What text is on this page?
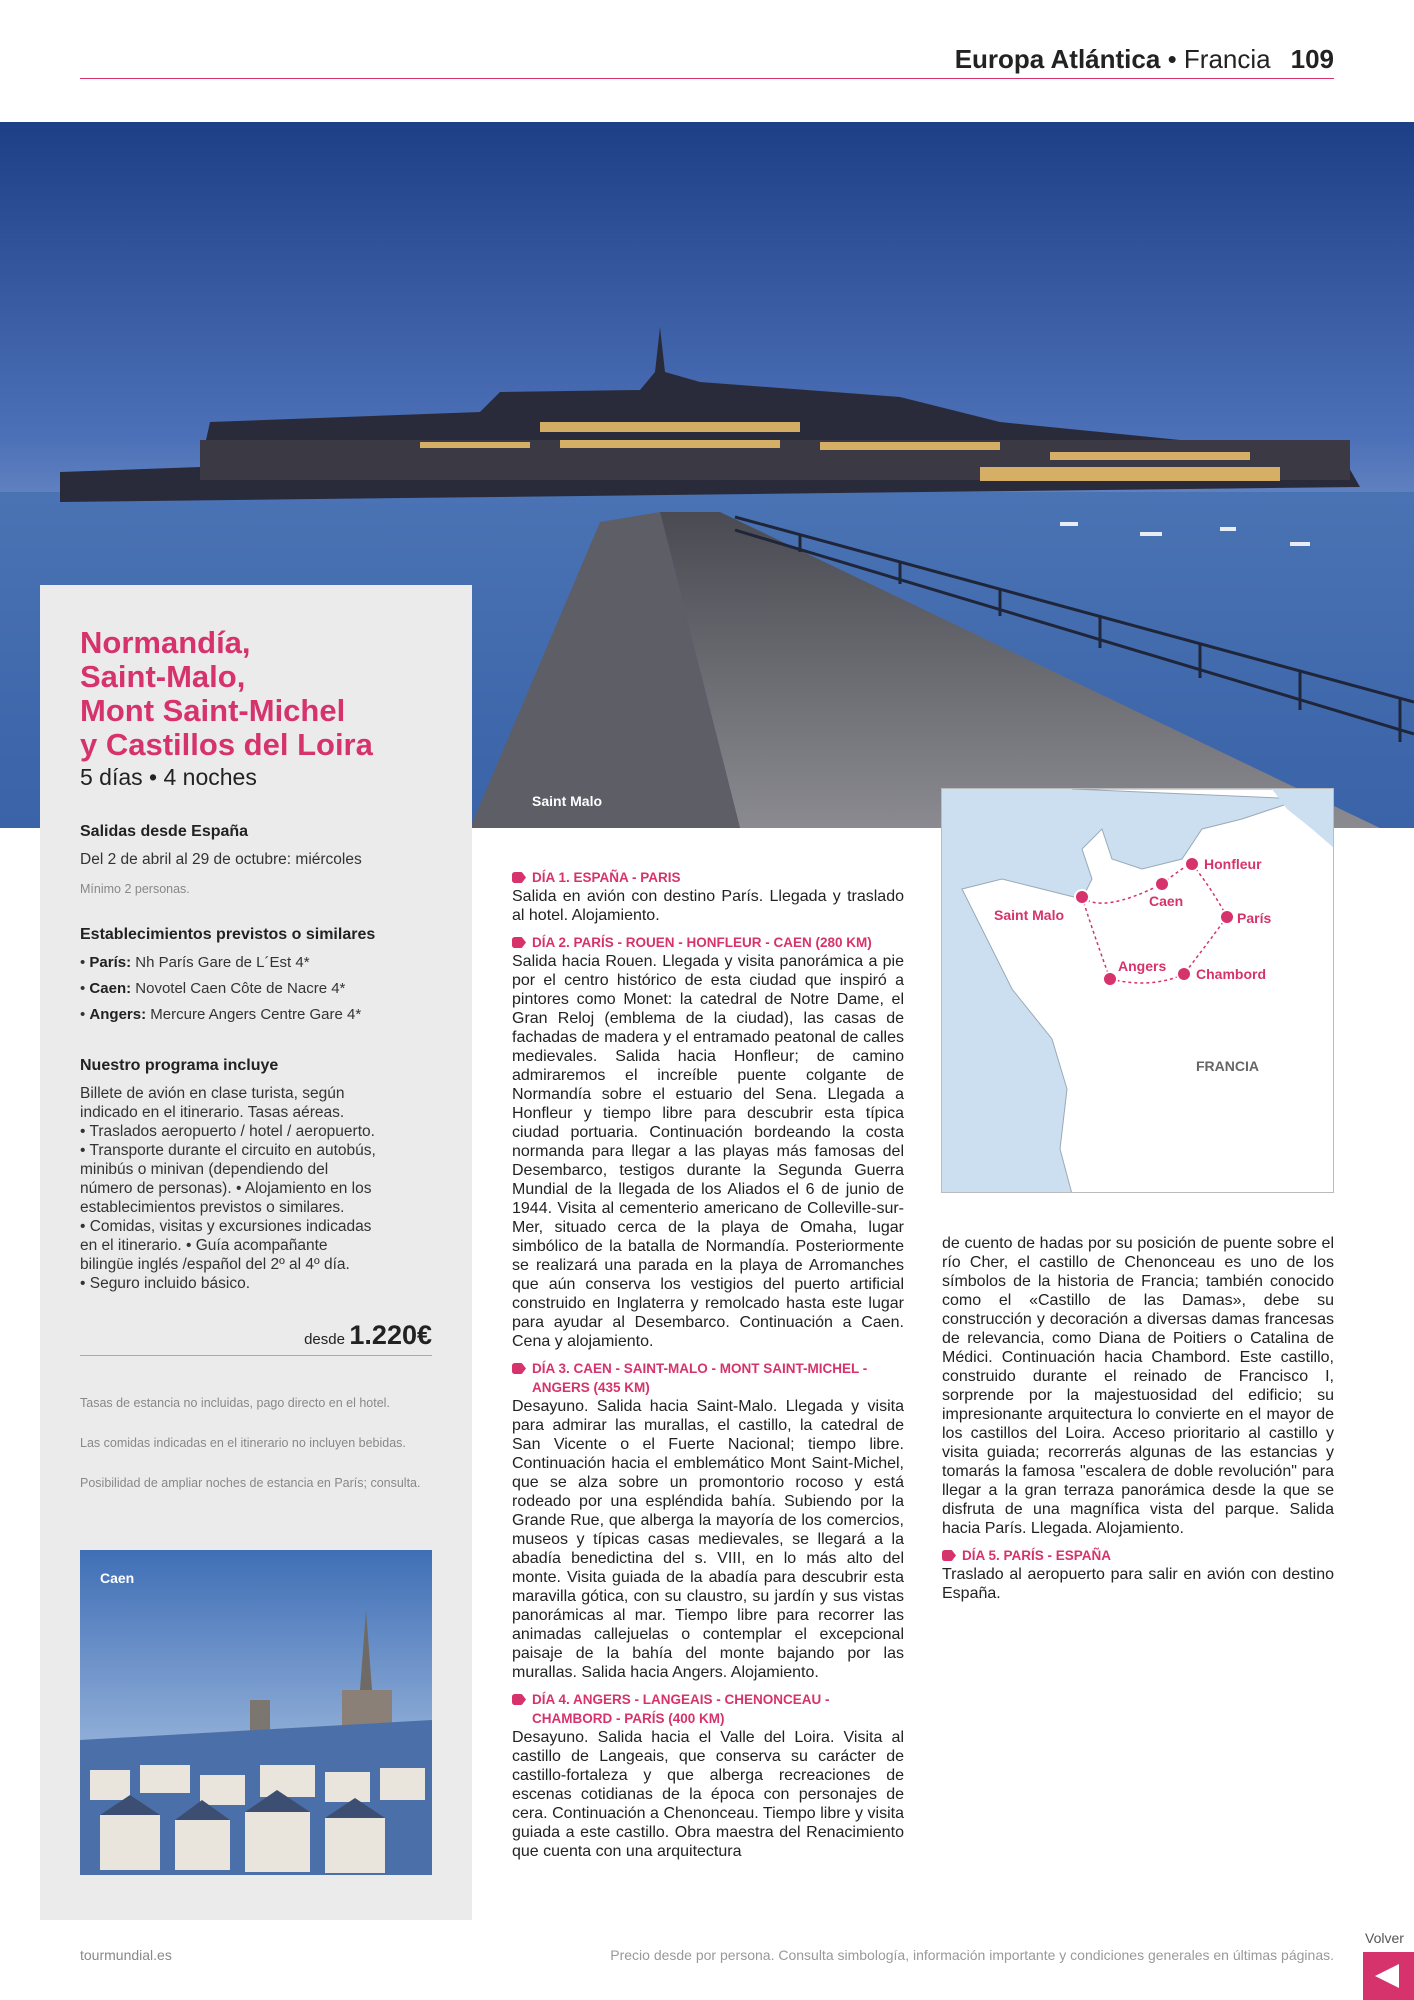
Europa Atlántica • Francia 109
Saint Malo
Normandía,
Saint-Malo,
Mont Saint-Michel
y Castillos del Loira
5 días • 4 noches
Salidas desde España
Del 2 de abril al 29 de octubre: miércoles
Mínimo 2 personas.
Establecimientos previstos o similares
• París: Nh París Gare de L´Est 4*
• Caen: Novotel Caen Côte de Nacre 4*
• Angers: Mercure Angers Centre Gare 4*
Nuestro programa incluye
Billete de avión en clase turista, según
indicado en el itinerario. Tasas aéreas.
• Traslados aeropuerto / hotel / aeropuerto.
• Transporte durante el circuito en autobús,
minibús o minivan (dependiendo del
número de personas). • Alojamiento en los
establecimientos previstos o similares.
• Comidas, visitas y excursiones indicadas
en el itinerario. • Guía acompañante
bilingüe inglés /español del 2º al 4º día.
• Seguro incluido básico.
desde 1.220€
Tasas de estancia no incluidas, pago directo en el hotel.
Las comidas indicadas en el itinerario no incluyen bebidas.
Posibilidad de ampliar noches de estancia en París; consulta.
Caen
DÍA 1. ESPAÑA - PARIS
Salida en avión con destino París. Llegada y traslado al hotel. Alojamiento.
DÍA 2. PARÍS - ROUEN - HONFLEUR - CAEN (280 KM)
Salida hacia Rouen. Llegada y visita panorámica a pie por el centro histórico de esta ciudad que inspiró a pintores como Monet: la catedral de Notre Dame, el Gran Reloj (emblema de la ciudad), las casas de fachadas de madera y el entramado peatonal de calles medievales. Salida hacia Honfleur; de camino admiraremos el increíble puente colgante de Normandía sobre el estuario del Sena. Llegada a Honfleur y tiempo libre para descubrir esta típica ciudad portuaria. Continuación bordeando la costa normanda para llegar a las playas más famosas del Desembarco, testigos durante la Segunda Guerra Mundial de la llegada de los Aliados el 6 de junio de 1944. Visita al cementerio americano de Colleville-sur-Mer, situado cerca de la playa de Omaha, lugar simbólico de la batalla de Normandía. Posteriormente se realizará una parada en la playa de Arromanches que aún conserva los vestigios del puerto artificial construido en Inglaterra y remolcado hasta este lugar para ayudar al Desembarco. Continuación a Caen. Cena y alojamiento.
DÍA 3. CAEN - SAINT-MALO - MONT SAINT-MICHEL - ANGERS (435 KM)
Desayuno. Salida hacia Saint-Malo. Llegada y visita para admirar las murallas, el castillo, la catedral de San Vicente o el Fuerte Nacional; tiempo libre. Continuación hacia el emblemático Mont Saint-Michel, que se alza sobre un promontorio rocoso y está rodeado por una espléndida bahía. Subiendo por la Grande Rue, que alberga la mayoría de los comercios, museos y típicas casas medievales, se llegará a la abadía benedictina del s. VIII, en lo más alto del monte. Visita guiada de la abadía para descubrir esta maravilla gótica, con su claustro, su jardín y sus vistas panorámicas al mar. Tiempo libre para recorrer las animadas callejuelas o contemplar el excepcional paisaje de la bahía del monte bajando por las murallas. Salida hacia Angers. Alojamiento.
DÍA 4. ANGERS - LANGEAIS - CHENONCEAU - CHAMBORD - PARÍS (400 KM)
Desayuno. Salida hacia el Valle del Loira. Visita al castillo de Langeais, que conserva su carácter de castillo-fortaleza y que alberga recreaciones de escenas cotidianas de la época con personajes de cera. Continuación a Chenonceau. Tiempo libre y visita guiada a este castillo. Obra maestra del Renacimiento que cuenta con una arquitectura
Honfleur
Caen
Saint Malo	París
Angers Chambord
FRANCIA
de cuento de hadas por su posición de puente sobre el río Cher, el castillo de Chenonceau es uno de los símbolos de la historia de Francia; también conocido como el «Castillo de las Damas», debe su construcción y decoración a diversas damas francesas de relevancia, como Diana de Poitiers o Catalina de Médici. Continuación hacia Chambord. Este castillo, construido durante el reinado de Francisco I, sorprende por la majestuosidad del edificio; su impresionante arquitectura lo convierte en el mayor de los castillos del Loira. Acceso prioritario al castillo y visita guiada; recorrerás algunas de las estancias y tomarás la famosa "escalera de doble revolución" para llegar a la gran terraza panorámica desde la que se disfruta de una magnífica vista del parque. Salida hacia París. Llegada. Alojamiento.
DÍA 5. PARÍS - ESPAÑA
Traslado al aeropuerto para salir en avión con destino España.
tourmundial.es	Precio desde por persona. Consulta simbología, información importante y condiciones generales en últimas páginas.
Volver
